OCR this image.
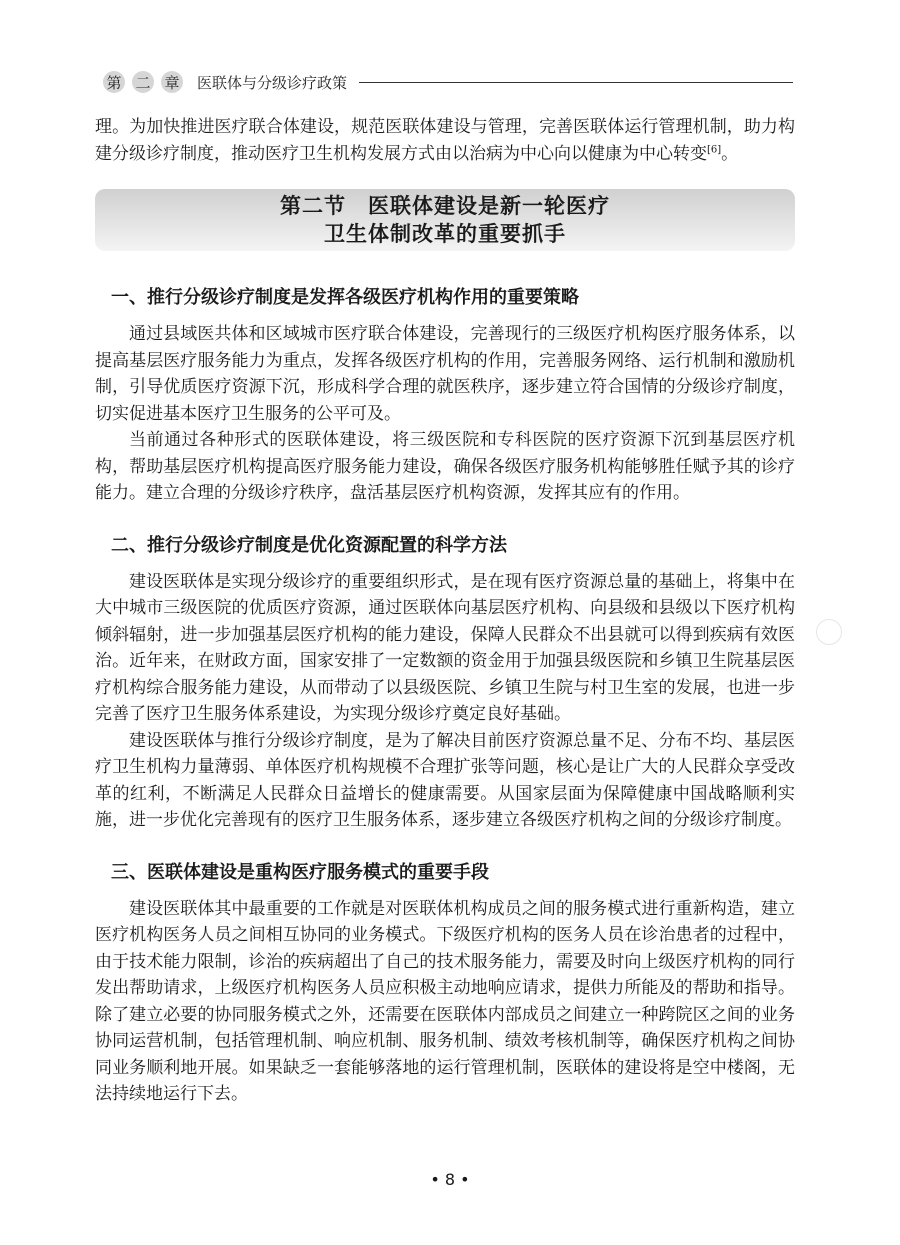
第 二 章 医联体与分级诊疗政策

理。为加快推进医疗联合体建设，规范医联体建设与管理，完善医联体运行管理机制，助力构建分级诊疗制度，推动医疗卫生机构发展方式由以治病为中心向以健康为中心转变[6]。

第二节　医联体建设是新一轮医疗
卫生体制改革的重要抓手
一、推行分级诊疗制度是发挥各级医疗机构作用的重要策略

通过县域医共体和区域城市医疗联合体建设，完善现行的三级医疗机构医疗服务体系，以提高基层医疗服务能力为重点，发挥各级医疗机构的作用，完善服务网络、运行机制和激励机制，引导优质医疗资源下沉，形成科学合理的就医秩序，逐步建立符合国情的分级诊疗制度，切实促进基本医疗卫生服务的公平可及。

当前通过各种形式的医联体建设，将三级医院和专科医院的医疗资源下沉到基层医疗机构，帮助基层医疗机构提高医疗服务能力建设，确保各级医疗服务机构能够胜任赋予其的诊疗能力。建立合理的分级诊疗秩序，盘活基层医疗机构资源，发挥其应有的作用。

二、推行分级诊疗制度是优化资源配置的科学方法

建设医联体是实现分级诊疗的重要组织形式，是在现有医疗资源总量的基础上，将集中在大中城市三级医院的优质医疗资源，通过医联体向基层医疗机构、向县级和县级以下医疗机构倾斜辐射，进一步加强基层医疗机构的能力建设，保障人民群众不出县就可以得到疾病有效医治。近年来，在财政方面，国家安排了一定数额的资金用于加强县级医院和乡镇卫生院基层医疗机构综合服务能力建设，从而带动了以县级医院、乡镇卫生院与村卫生室的发展，也进一步完善了医疗卫生服务体系建设，为实现分级诊疗奠定良好基础。

建设医联体与推行分级诊疗制度，是为了解决目前医疗资源总量不足、分布不均、基层医疗卫生机构力量薄弱、单体医疗机构规模不合理扩张等问题，核心是让广大的人民群众享受改革的红利，不断满足人民群众日益增长的健康需要。从国家层面为保障健康中国战略顺利实施，进一步优化完善现有的医疗卫生服务体系，逐步建立各级医疗机构之间的分级诊疗制度。

三、医联体建设是重构医疗服务模式的重要手段

建设医联体其中最重要的工作就是对医联体机构成员之间的服务模式进行重新构造，建立医疗机构医务人员之间相互协同的业务模式。下级医疗机构的医务人员在诊治患者的过程中，由于技术能力限制，诊治的疾病超出了自己的技术服务能力，需要及时向上级医疗机构的同行发出帮助请求，上级医疗机构医务人员应积极主动地响应请求，提供力所能及的帮助和指导。除了建立必要的协同服务模式之外，还需要在医联体内部成员之间建立一种跨院区之间的业务协同运营机制，包括管理机制、响应机制、服务机制、绩效考核机制等，确保医疗机构之间协同业务顺利地开展。如果缺乏一套能够落地的运行管理机制，医联体的建设将是空中楼阁，无法持续地运行下去。

• 8 •
